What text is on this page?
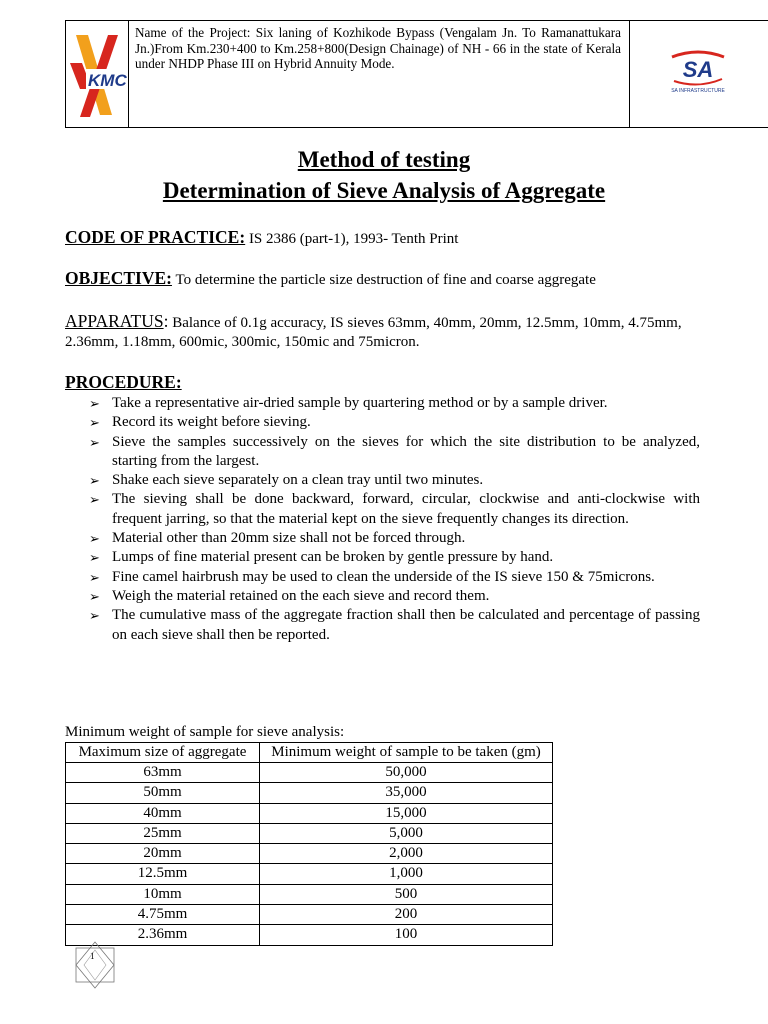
KMC
	Name of the Project: Six laning of Kozhikode Bypass (Vengalam Jn. To Ramanattukara Jn.)From Km.230+400 to Km.258+800(Design Chainage) of NH - 66 in the state of Kerala under NHDP Phase III on Hybrid Annuity Mode.	SA
SA INFRASTRUCTURE
Method of testing
Determination of Sieve Analysis of Aggregate
CODE OF PRACTICE: IS 2386 (part-1), 1993- Tenth Print
OBJECTIVE: To determine the particle size destruction of fine and coarse aggregate
APPARATUS: Balance of 0.1g accuracy, IS sieves 63mm, 40mm, 20mm, 12.5mm, 10mm, 4.75mm, 2.36mm, 1.18mm, 600mic, 300mic, 150mic and 75micron.
PROCEDURE:
➢ Take a representative air-dried sample by quartering method or by a sample driver.
➢ Record its weight before sieving.
➢ Sieve the samples successively on the sieves for which the site distribution to be analyzed, starting from the largest.
➢ Shake each sieve separately on a clean tray until two minutes.
➢ The sieving shall be done backward, forward, circular, clockwise and anti-clockwise with frequent jarring, so that the material kept on the sieve frequently changes its direction.
➢ Material other than 20mm size shall not be forced through.
➢ Lumps of fine material present can be broken by gentle pressure by hand.
➢ Fine camel hairbrush may be used to clean the underside of the IS sieve 150 & 75microns.
➢ Weigh the material retained on the each sieve and record them.
➢ The cumulative mass of the aggregate fraction shall then be calculated and percentage of passing on each sieve shall then be reported.
Minimum weight of sample for sieve analysis:
Maximum size of aggregate	Minimum weight of sample to be taken (gm)
63mm	50,000
50mm	35,000
40mm	15,000
25mm	5,000
20mm	2,000
12.5mm	1,000
10mm	500
4.75mm	200
2.36mm	100
1
